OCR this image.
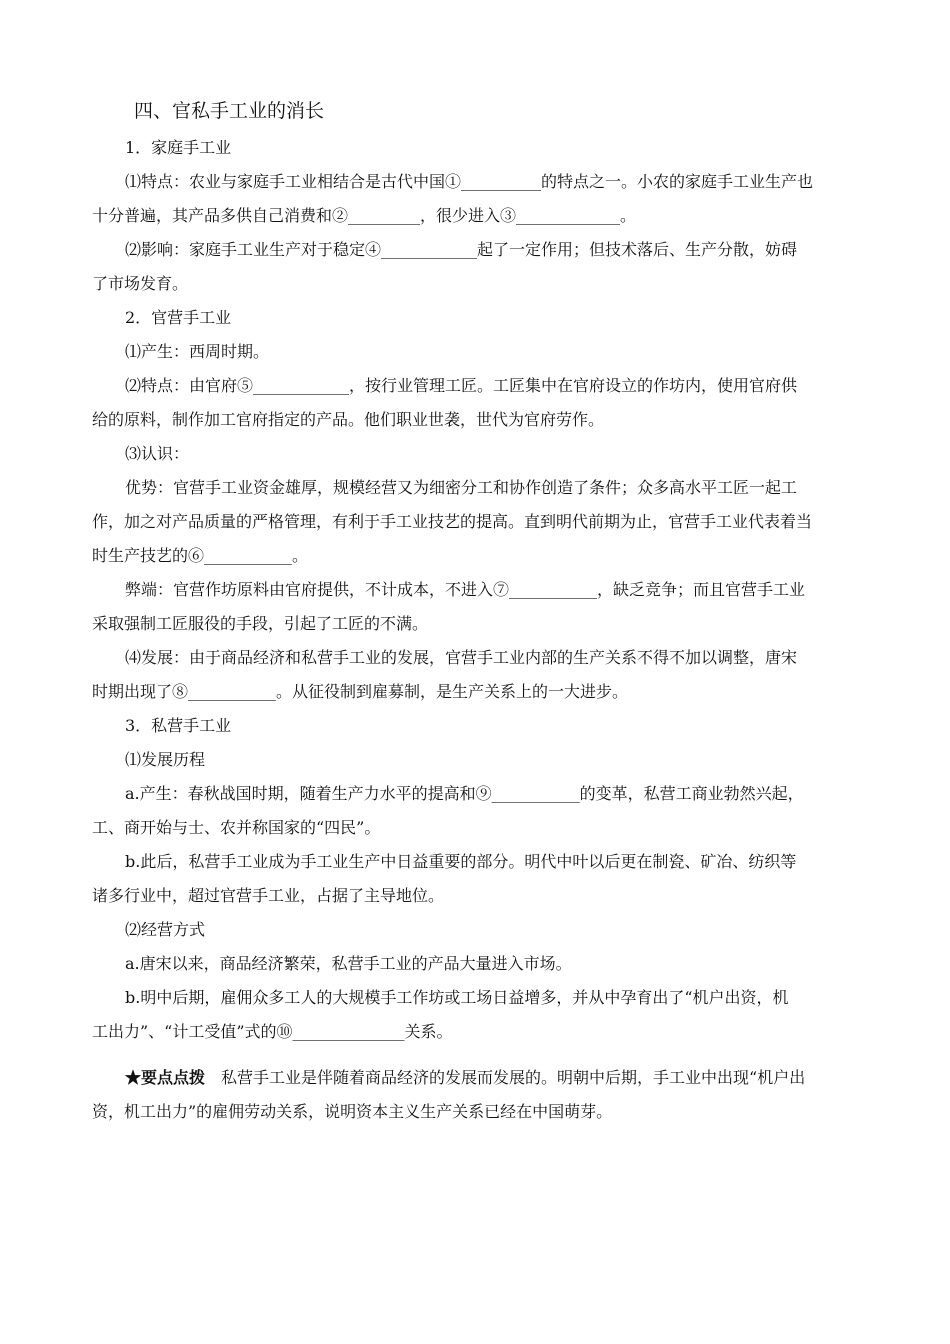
四、官私手工业的消长
1．家庭手工业
⑴特点：农业与家庭手工业相结合是古代中国①__________的特点之一。小农的家庭手工业生产也
十分普遍，其产品多供自己消费和②_________，很少进入③_____________。
⑵影响：家庭手工业生产对于稳定④____________起了一定作用；但技术落后、生产分散，妨碍
了市场发育。
2．官营手工业
⑴产生：西周时期。
⑵特点：由官府⑤____________，按行业管理工匠。工匠集中在官府设立的作坊内，使用官府供
给的原料，制作加工官府指定的产品。他们职业世袭，世代为官府劳作。
⑶认识：
优势：官营手工业资金雄厚，规模经营又为细密分工和协作创造了条件；众多高水平工匠一起工
作，加之对产品质量的严格管理，有利于手工业技艺的提高。直到明代前期为止，官营手工业代表着当
时生产技艺的⑥___________。
弊端：官营作坊原料由官府提供，不计成本，不进入⑦___________，缺乏竞争；而且官营手工业
采取强制工匠服役的手段，引起了工匠的不满。
⑷发展：由于商品经济和私营手工业的发展，官营手工业内部的生产关系不得不加以调整，唐宋
时期出现了⑧___________。从征役制到雇募制，是生产关系上的一大进步。
3．私营手工业
⑴发展历程
a.产生：春秋战国时期，随着生产力水平的提高和⑨___________的变革，私营工商业勃然兴起，
工、商开始与士、农并称国家的“四民”。
b.此后，私营手工业成为手工业生产中日益重要的部分。明代中叶以后更在制瓷、矿冶、纺织等
诸多行业中，超过官营手工业，占据了主导地位。
⑵经营方式
a.唐宋以来，商品经济繁荣，私营手工业的产品大量进入市场。
b.明中后期，雇佣众多工人的大规模手工作坊或工场日益增多，并从中孕育出了“机户出资，机
工出力”、“计工受值”式的⑩______________关系。
★要点点拨　私营手工业是伴随着商品经济的发展而发展的。明朝中后期，手工业中出现“机户出
资，机工出力”的雇佣劳动关系，说明资本主义生产关系已经在中国萌芽。
